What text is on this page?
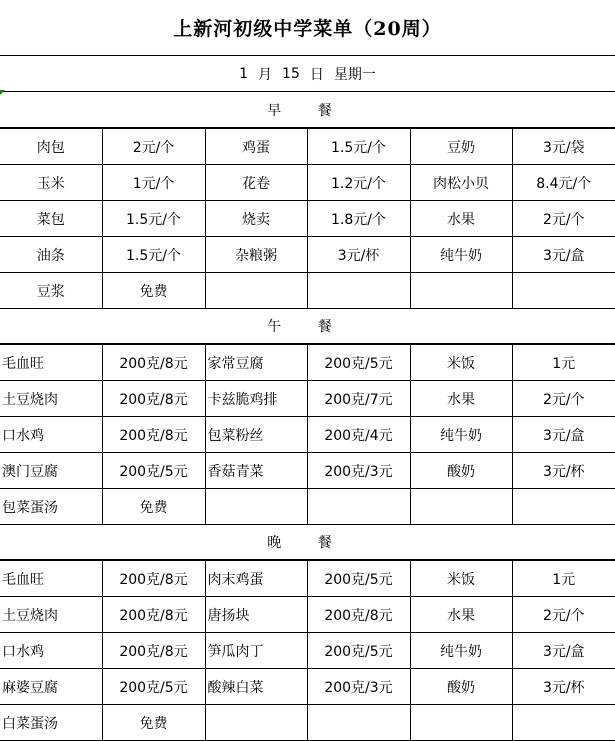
上新河初级中学菜单（20周）
1 月 15 日 星期一
早 餐
肉包	2元/个	鸡蛋	1.5元/个	豆奶	3元/袋
玉米	1元/个	花卷	1.2元/个	肉松小贝	8.4元/个
菜包	1.5元/个	烧卖	1.8元/个	水果	2元/个
油条	1.5元/个	杂粮粥	3元/杯	纯牛奶	3元/盒
豆浆	免费				
午 餐
毛血旺	200克/8元	家常豆腐	200克/5元	米饭	1元
土豆烧肉	200克/8元	卡兹脆鸡排	200克/7元	水果	2元/个
口水鸡	200克/8元	包菜粉丝	200克/4元	纯牛奶	3元/盒
澳门豆腐	200克/5元	香菇青菜	200克/3元	酸奶	3元/杯
包菜蛋汤	免费				
晚 餐
毛血旺	200克/8元	肉末鸡蛋	200克/5元	米饭	1元
土豆烧肉	200克/8元	唐扬块	200克/8元	水果	2元/个
口水鸡	200克/8元	笋瓜肉丁	200克/5元	纯牛奶	3元/盒
麻婆豆腐	200克/5元	酸辣白菜	200克/3元	酸奶	3元/杯
白菜蛋汤	免费				
